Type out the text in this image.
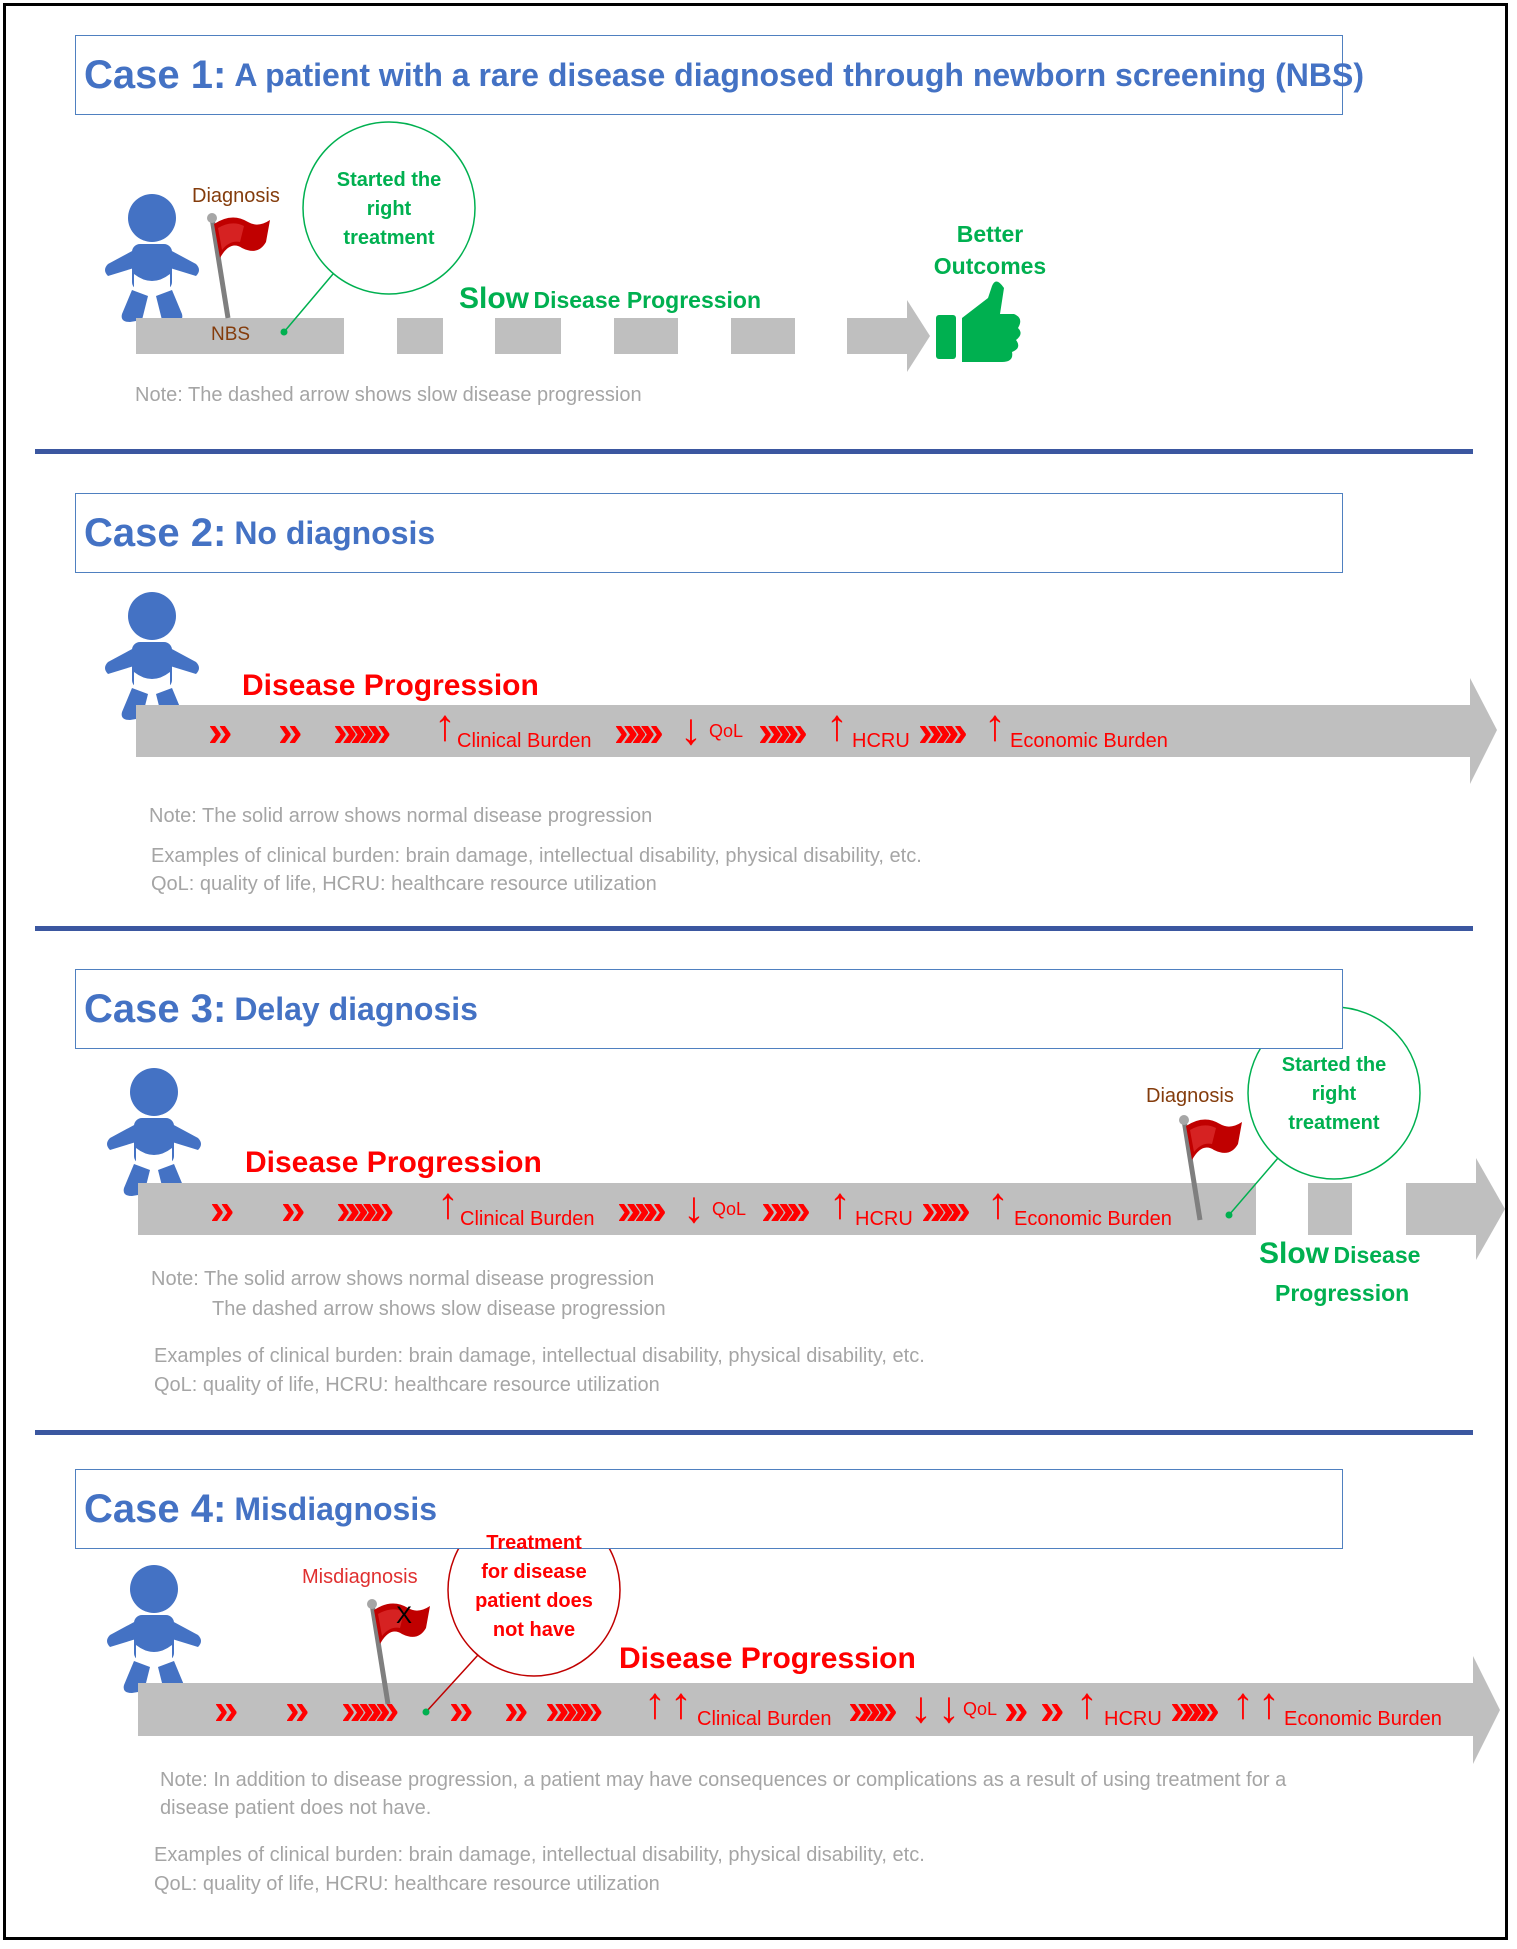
Case 1: A patient with a rare disease diagnosed through newborn screening (NBS)
Diagnosis
NBS
Started the
right
treatment
Slow Disease Progression
Better
Outcomes
Note: The dashed arrow shows slow disease progression
Case 2: No diagnosis
Disease Progression
» » »»»»» ↑ Clinical Burden »»»» ↓ QoL »»»» ↑ HCRU »»»» ↑ Economic Burden
Note: The solid arrow shows normal disease progression
Examples of clinical burden: brain damage, intellectual disability, physical disability, etc.
QoL: quality of life, HCRU: healthcare resource utilization
Case 3: Delay diagnosis
Disease Progression
» » »»»»» ↑ Clinical Burden »»»» ↓ QoL »»»» ↑ HCRU »»»» ↑ Economic Burden
Diagnosis
Started the
right
treatment
Slow Disease
Progression
Note: The solid arrow shows normal disease progression
The dashed arrow shows slow disease progression
Examples of clinical burden: brain damage, intellectual disability, physical disability, etc.
QoL: quality of life, HCRU: healthcare resource utilization
Case 4: Misdiagnosis
Misdiagnosis
X
Treatment
for disease
patient does
not have
Disease Progression
» » »»»»» » » »»»»» ↑ ↑ Clinical Burden »»»» ↓ ↓ QoL » » ↑ HCRU »»»» ↑ ↑ Economic Burden
Note: In addition to disease progression, a patient may have consequences or complications as a result of using treatment for a
disease patient does not have.
Examples of clinical burden: brain damage, intellectual disability, physical disability, etc.
QoL: quality of life, HCRU: healthcare resource utilization
